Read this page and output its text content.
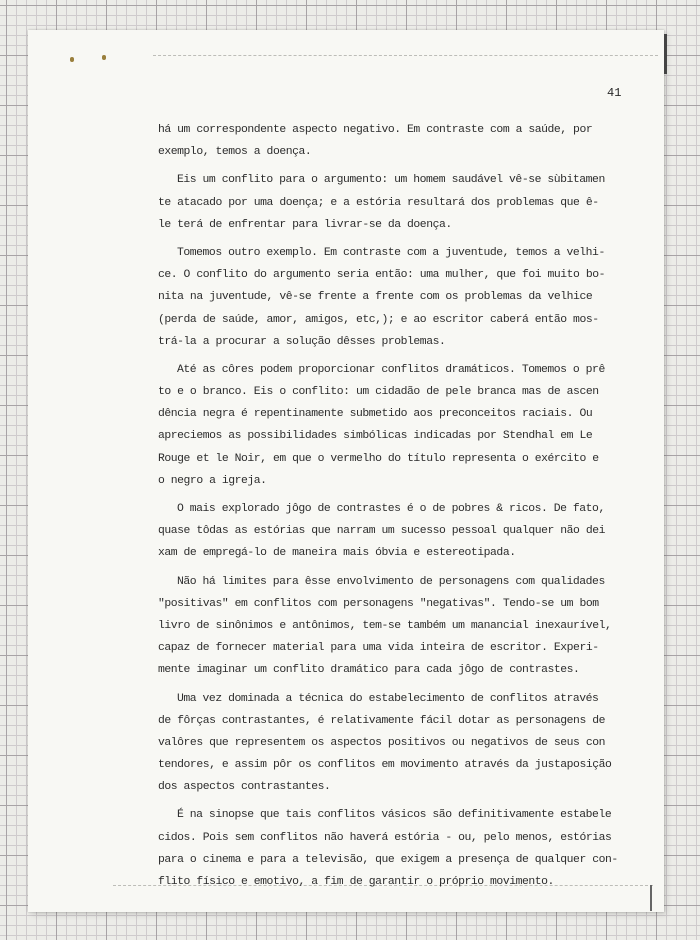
41
há um correspondente aspecto negativo. Em contraste com a saúde, por
exemplo, temos a doença.
Eis um conflito para o argumento: um homem saudável vê-se sùbitamen
te atacado por uma doença; e a estória resultará dos problemas que ê-
le terá de enfrentar para livrar-se da doença.
Tomemos outro exemplo. Em contraste com a juventude, temos a velhi-
ce. O conflito do argumento seria então: uma mulher, que foi muito bo-
nita na juventude, vê-se frente a frente com os problemas da velhice
(perda de saúde, amor, amigos, etc,); e ao escritor caberá então mos-
trá-la a procurar a solução dêsses problemas.
Até as côres podem proporcionar conflitos dramáticos. Tomemos o prê
to e o branco. Eis o conflito: um cidadão de pele branca mas de ascen
dência negra é repentinamente submetido aos preconceitos raciais. Ou
apreciemos as possibilidades simbólicas indicadas por Stendhal em Le
Rouge et le Noir, em que o vermelho do título representa o exército e
o negro a igreja.
O mais explorado jôgo de contrastes é o de pobres & ricos. De fato,
quase tôdas as estórias que narram um sucesso pessoal qualquer não dei
xam de empregá-lo de maneira mais óbvia e estereotipada.
Não há limites para êsse envolvimento de personagens com qualidades
"positivas" em conflitos com personagens "negativas". Tendo-se um bom
livro de sinônimos e antônimos, tem-se também um manancial inexaurível,
capaz de fornecer material para uma vida inteira de escritor. Experi-
mente imaginar um conflito dramático para cada jôgo de contrastes.
Uma vez dominada a técnica do estabelecimento de conflitos através
de fôrças contrastantes, é relativamente fácil dotar as personagens de
valôres que representem os aspectos positivos ou negativos de seus con
tendores, e assim pôr os conflitos em movimento através da justaposição
dos aspectos contrastantes.
É na sinopse que tais conflitos vásicos são definitivamente estabele
cidos. Pois sem conflitos não haverá estória - ou, pelo menos, estórias
para o cinema e para a televisão, que exigem a presença de qualquer con-
flito físico e emotivo, a fim de garantir o próprio movimento.
